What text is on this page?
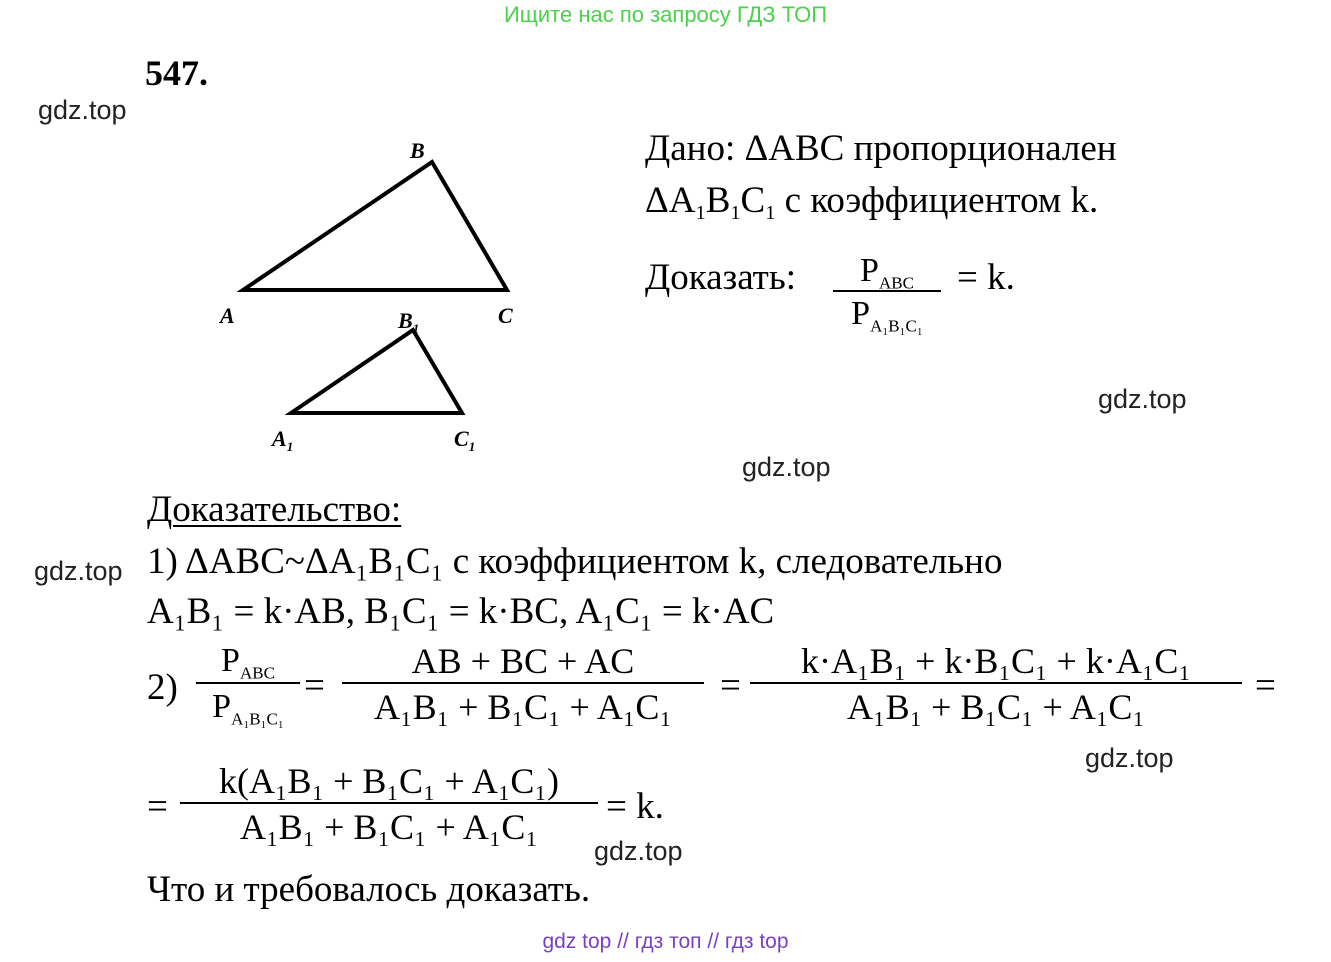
Ищите нас по запросу ГДЗ ТОП
547.
gdz.top
gdz.top
gdz.top
gdz.top
gdz.top
gdz.top
B
A	C
$B_1$
$A_1$	$C_1$
Дано: ΔABC пропорционален
$\Delta A_1B_1C_1$ с коэффициентом k.
Доказать:	$P_{ABC}$
$P_{A_1B_1C_1}$
= k.
Доказательство:
1) ΔABC~ΔA₁B₁C₁ с коэффициентом k, следовательно
A₁B₁ = k·AB, B₁C₁ = k·BC, A₁C₁ = k·AC
2)
$P_{ABC}$
$P_{A_1B_1C_1}$
=
AB + BC + AC
A₁B₁ + B₁C₁ + A₁C₁
=
k·A₁B₁ + k·B₁C₁ + k·A₁C₁
A₁B₁ + B₁C₁ + A₁C₁
=
=
k(A₁B₁ + B₁C₁ + A₁C₁)
A₁B₁ + B₁C₁ + A₁C₁	= k.
Что и требовалось доказать.
gdz top // гдз топ // гдз top
